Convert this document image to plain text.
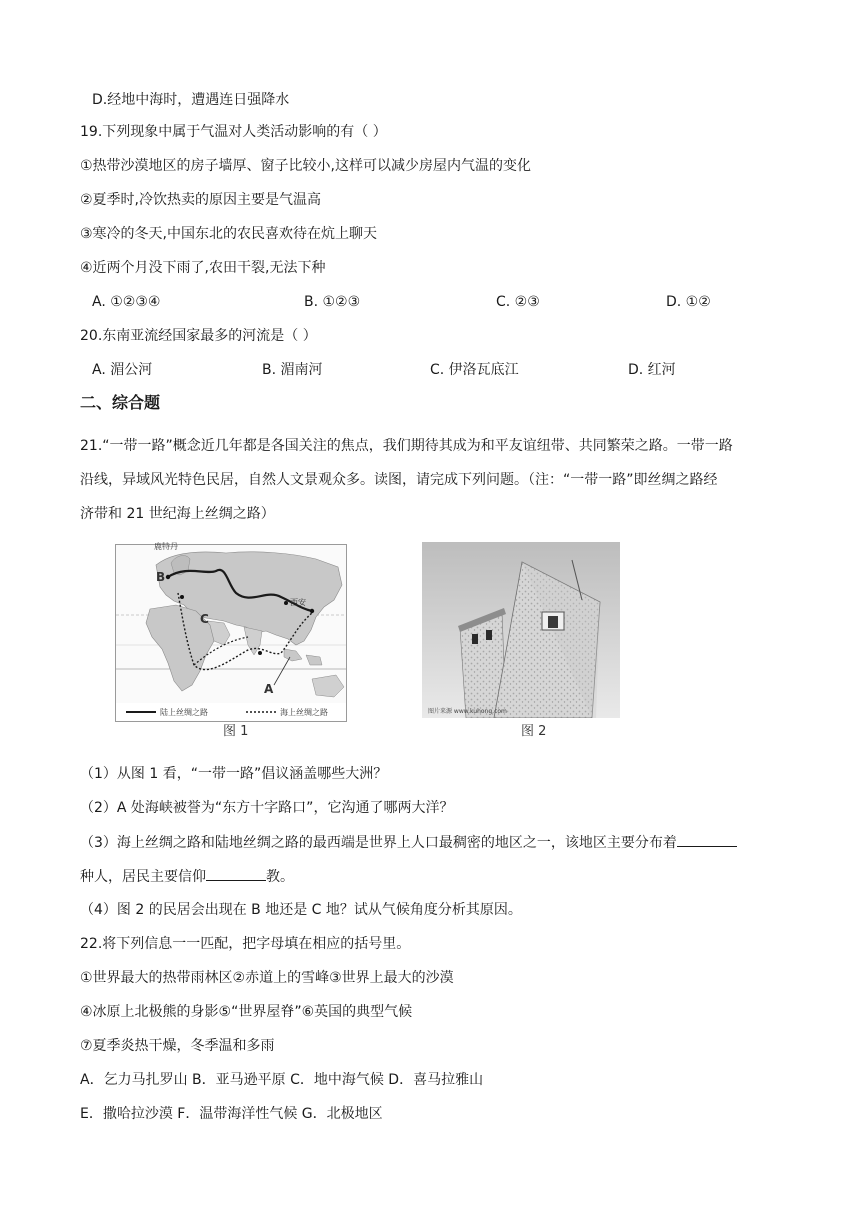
D.经地中海时，遭遇连日强降水
19.下列现象中属于气温对人类活动影响的有（ ）
①热带沙漠地区的房子墙厚、窗子比较小,这样可以减少房屋内气温的变化
②夏季时,冷饮热卖的原因主要是气温高
③寒冷的冬天,中国东北的农民喜欢待在炕上聊天
④近两个月没下雨了,农田干裂,无法下种
A. ①②③④	B. ①②③	C. ②③	D. ①②
20.东南亚流经国家最多的河流是（ ）
A. 湄公河	B. 湄南河	C. 伊洛瓦底江	D. 红河
二、综合题
21.“一带一路”概念近几年都是各国关注的焦点，我们期待其成为和平友谊纽带、共同繁荣之路。一带一路
沿线，异域风光特色民居，自然人文景观众多。读图，请完成下列问题。（注：“一带一路”即丝绸之路经
济带和 21 世纪海上丝绸之路）
鹿特丹
西安
B
C
A
陆上丝绸之路	海上丝绸之路
图 1
图片来源 www.kuhong.com
图 2
（1）从图 1 看，“一带一路”倡议涵盖哪些大洲？
（2）A 处海峡被誉为“东方十字路口”，它沟通了哪两大洋？
（3）海上丝绸之路和陆地丝绸之路的最西端是世界上人口最稠密的地区之一，该地区主要分布着
种人，居民主要信仰	教。
（4）图 2 的民居会出现在 B 地还是 C 地？试从气候角度分析其原因。
22.将下列信息一一匹配，把字母填在相应的括号里。
①世界最大的热带雨林区②赤道上的雪峰③世界上最大的沙漠
④冰原上北极熊的身影⑤“世界屋脊”⑥英国的典型气候
⑦夏季炎热干燥，冬季温和多雨
A．乞力马扎罗山 B．亚马逊平原 C．地中海气候 D．喜马拉雅山
E．撒哈拉沙漠 F．温带海洋性气候 G．北极地区
